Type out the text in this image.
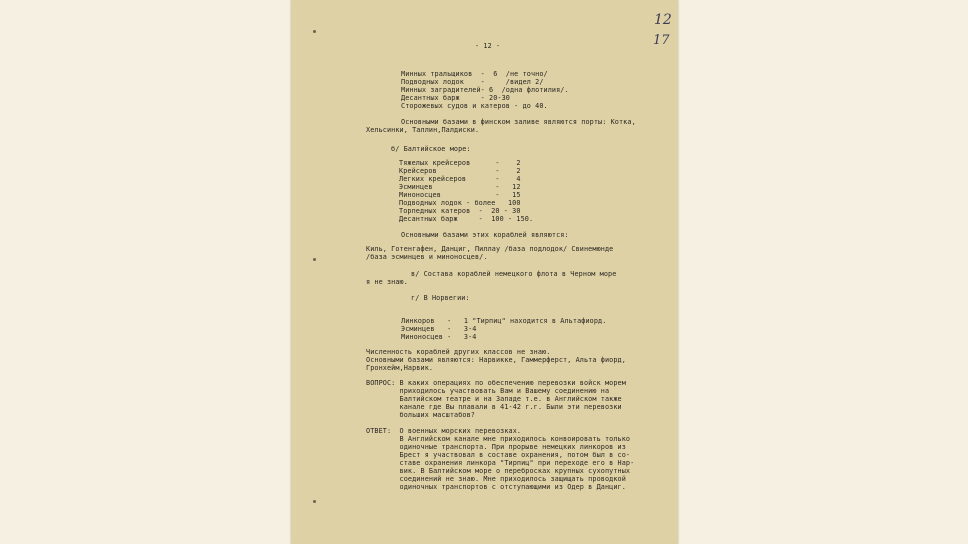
12
17
- 12 -
Минных тральщиков  -  6  /не точно/
Подводных лодок    -     /видел 2/
Минных заградителей- 6  /одна флотилия/.
Десантных барж     - 20-30
Сторожевых судов и катеров - до 40.
Основными базами в финском заливе являются порты: Котка,
Хельсинки, Таллин,Палдиски.
б/ Балтийское море:
Тяжелых крейсеров      -    2
Крейсеров              -    2
Легких крейсеров       -    4
Эсминцев               -   12
Миноносцев             -   15
Подводных лодок - более   100
Торпедных катеров  -  20 - 30
Десантных барж     -  100 - 150.
Основными базами этих кораблей являются:
Киль, Готенгафен, Данциг, Пиллау /база подлодок/ Свинемюнде
/база эсминцев и миноносцев/.
в/ Состава кораблей немецкого флота в Черном море
я не знаю.
г/ В Норвегии:
Линкоров   -   1 "Тирпиц" находится в Альтафиорд.
Эсминцев   -   3-4
Миноносцев -   3-4
Численность кораблей других классов не знаю.
Основными базами являются: Нарвикке, Гаммерферст, Альта фиорд,
Гронхейм,Нарвик.
ВОПРОС: В каких операциях по обеспечению перевозки войск морем
приходилось участвовать Вам и Вашему соединению на
Балтийском театре и на Западе т.е. в Английском также
канале где Вы плавали в 41-42 г.г. Были эти перевозки
больших масштабов?
ОТВЕТ:  О военных морских перевозках.
В Английском канале мне приходилось конвоировать только
одиночные транспорта. При прорыве немецких линкоров из
Брест я участвовал в составе охранения, потом был в со-
ставе охранения линкора "Тирпиц" при переходе его в Нар-
вик. В Балтийском море о перебросках крупных сухопутных
соединений не знаю. Мне приходилось защищать проводкой
одиночных транспортов с отступающими из Одер в Данциг.
